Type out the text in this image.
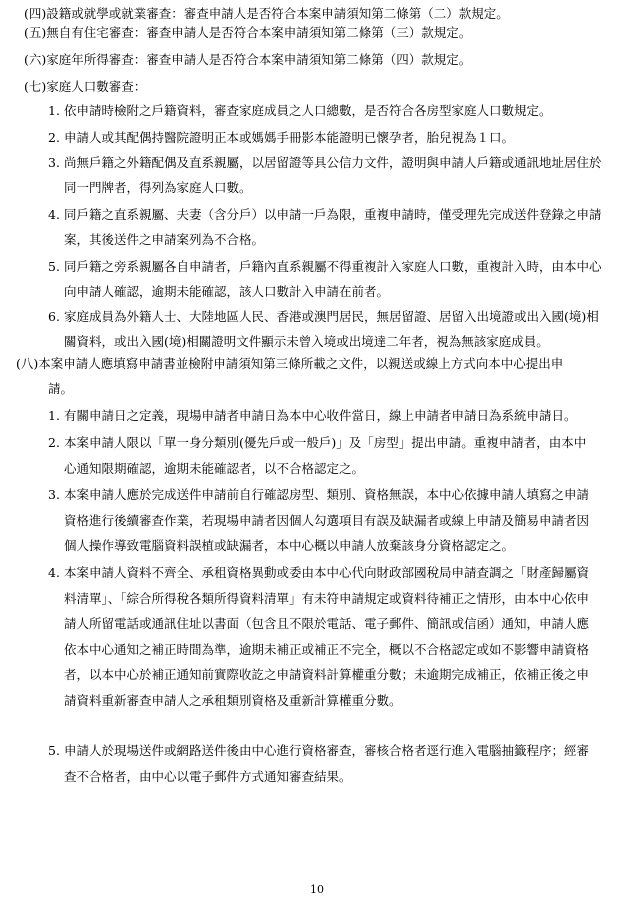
(四)設籍或就學或就業審查：審查申請人是否符合本案申請須知第二條第（二）款規定。
(五)無自有住宅審查：審查申請人是否符合本案申請須知第二條第（三）款規定。
(六)家庭年所得審查：審查申請人是否符合本案申請須知第二條第（四）款規定。
(七)家庭人口數審查：
1. 依申請時檢附之戶籍資料，審查家庭成員之人口總數，是否符合各房型家庭人口數規定。
2. 申請人或其配偶持醫院證明正本或媽媽手冊影本能證明已懷孕者，胎兒視為１口。
3. 尚無戶籍之外籍配偶及直系親屬，以居留證等具公信力文件，證明與申請人戶籍或通訊地址居住於
同一門牌者，得列為家庭人口數。
4. 同戶籍之直系親屬、夫妻（含分戶）以申請一戶為限，重複申請時，僅受理先完成送件登錄之申請
案，其後送件之申請案列為不合格。
5. 同戶籍之旁系親屬各自申請者，戶籍內直系親屬不得重複計入家庭人口數，重複計入時，由本中心
向申請人確認，逾期未能確認，該人口數計入申請在前者。
6. 家庭成員為外籍人士、大陸地區人民、香港或澳門居民，無居留證、居留入出境證或出入國(境)相
關資料，或出入國(境)相關證明文件顯示未曾入境或出境達二年者，視為無該家庭成員。
(八)本案申請人應填寫申請書並檢附申請須知第三條所載之文件，以親送或線上方式向本中心提出申
請。
1. 有關申請日之定義，現場申請者申請日為本中心收件當日，線上申請者申請日為系統申請日。
2. 本案申請人限以「單一身分類別(優先戶或一般戶)」及「房型」提出申請。重複申請者，由本中
心通知限期確認，逾期未能確認者，以不合格認定之。
3. 本案申請人應於完成送件申請前自行確認房型、類別、資格無誤，本中心依據申請人填寫之申請
資格進行後續審查作業，若現場申請者因個人勾選項目有誤及缺漏者或線上申請及簡易申請者因
個人操作導致電腦資料誤植或缺漏者，本中心概以申請人放棄該身分資格認定之。
4. 本案申請人資料不齊全、承租資格異動或委由本中心代向財政部國稅局申請查調之「財產歸屬資
料清單」、「綜合所得稅各類所得資料清單」有未符申請規定或資料待補正之情形，由本中心依申
請人所留電話或通訊住址以書面（包含且不限於電話、電子郵件、簡訊或信函）通知，申請人應
依本中心通知之補正時間為準，逾期未補正或補正不完全，概以不合格認定或如不影響申請資格
者，以本中心於補正通知前實際收訖之申請資料計算權重分數；未逾期完成補正，依補正後之申
請資料重新審查申請人之承租類別資格及重新計算權重分數。
5. 申請人於現場送件或網路送件後由中心進行資格審查，審核合格者逕行進入電腦抽籤程序；經審
查不合格者，由中心以電子郵件方式通知審查結果。
10
